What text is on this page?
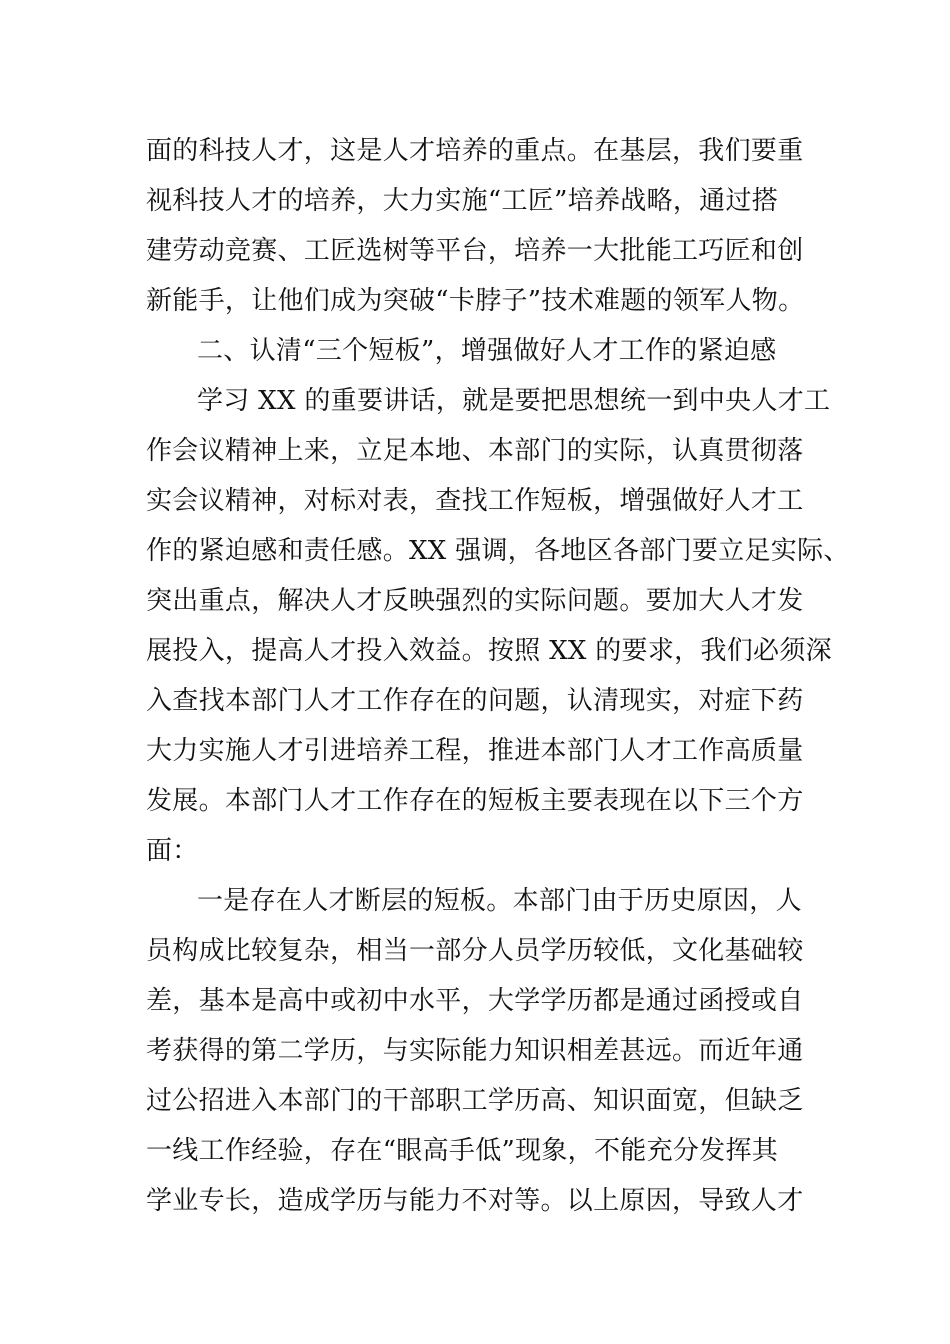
面的科技人才，这是人才培养的重点。在基层，我们要重
视科技人才的培养，大力实施“工匠”培养战略，通过搭
建劳动竞赛、工匠选树等平台，培养一大批能工巧匠和创
新能手，让他们成为突破“卡脖子”技术难题的领军人物。
二、认清“三个短板”，增强做好人才工作的紧迫感
学习 XX 的重要讲话，就是要把思想统一到中央人才工
作会议精神上来，立足本地、本部门的实际，认真贯彻落
实会议精神，对标对表，查找工作短板，增强做好人才工
作的紧迫感和责任感。XX 强调，各地区各部门要立足实际、
突出重点，解决人才反映强烈的实际问题。要加大人才发
展投入，提高人才投入效益。按照 XX 的要求，我们必须深
入查找本部门人才工作存在的问题，认清现实，对症下药
大力实施人才引进培养工程，推进本部门人才工作高质量
发展。本部门人才工作存在的短板主要表现在以下三个方
面：
一是存在人才断层的短板。本部门由于历史原因，人
员构成比较复杂，相当一部分人员学历较低，文化基础较
差，基本是高中或初中水平，大学学历都是通过函授或自
考获得的第二学历，与实际能力知识相差甚远。而近年通
过公招进入本部门的干部职工学历高、知识面宽，但缺乏
一线工作经验，存在“眼高手低”现象，不能充分发挥其
学业专长，造成学历与能力不对等。以上原因，导致人才
